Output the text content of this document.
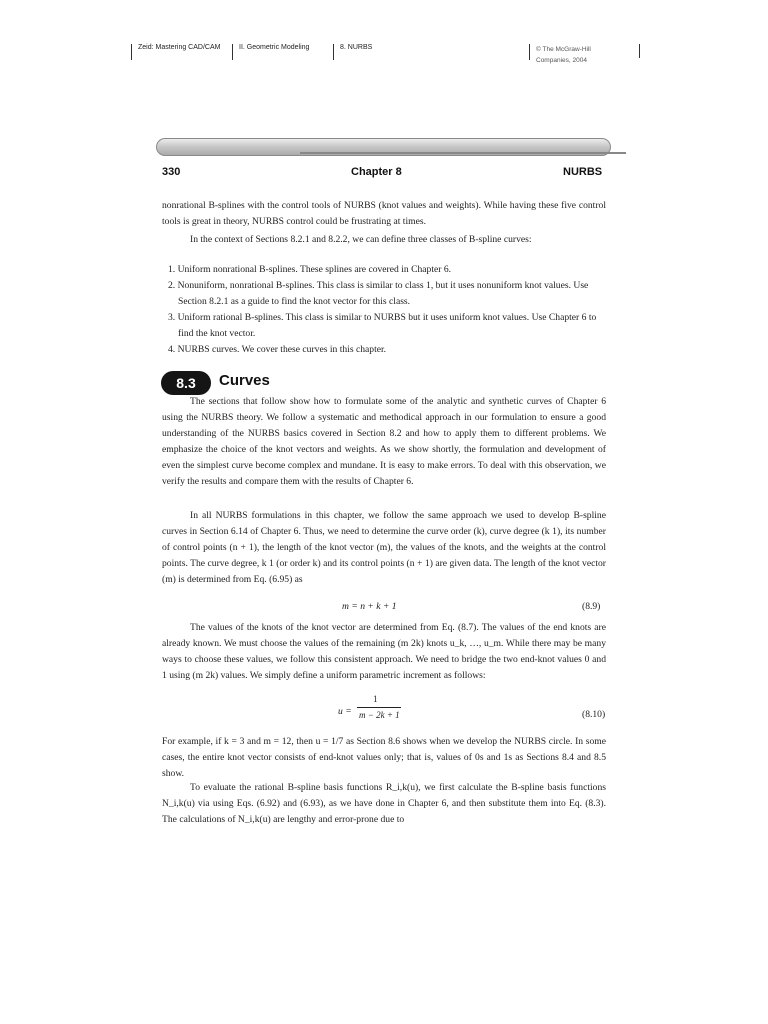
Zeid: Mastering CAD/CAM	II. Geometric Modeling	8. NURBS	© The McGraw-Hill
Companies, 2004
330	Chapter 8	NURBS
nonrational B-splines with the control tools of NURBS (knot values and weights). While having these five control tools is great in theory, NURBS control could be frustrating at times.
In the context of Sections 8.2.1 and 8.2.2, we can define three classes of B-spline curves:
1. Uniform nonrational B-splines. These splines are covered in Chapter 6.
2. Nonuniform, nonrational B-splines. This class is similar to class 1, but it uses nonuniform knot values. Use Section 8.2.1 as a guide to find the knot vector for this class.
3. Uniform rational B-splines. This class is similar to NURBS but it uses uniform knot values. Use Chapter 6 to find the knot vector.
4. NURBS curves. We cover these curves in this chapter.
8.3	Curves
The sections that follow show how to formulate some of the analytic and synthetic curves of Chapter 6 using the NURBS theory. We follow a systematic and methodical approach in our formulation to ensure a good understanding of the NURBS basics covered in Section 8.2 and how to apply them to different problems. We emphasize the choice of the knot vectors and weights. As we show shortly, the formulation and development of even the simplest curve become complex and mundane. It is easy to make errors. To deal with this observation, we verify the results and compare them with the results of Chapter 6.
In all NURBS formulations in this chapter, we follow the same approach we used to develop B-spline curves in Section 6.14 of Chapter 6. Thus, we need to determine the curve order (k), curve degree (k 1), its number of control points (n + 1), the length of the knot vector (m), the values of the knots, and the weights at the control points. The curve degree, k 1 (or order k) and its control points (n + 1) are given data. The length of the knot vector (m) is determined from Eq. (6.95) as
m = n + k + 1	(8.9)
The values of the knots of the knot vector are determined from Eq. (8.7). The values of the end knots are already known. We must choose the values of the remaining (m 2k) knots u_k, …, u_m. While there may be many ways to choose these values, we follow this consistent approach. We need to bridge the two end-knot values 0 and 1 using (m 2k) values. We simply define a uniform parametric increment as follows:
u =
1
m − 2k + 1	(8.10)
For example, if k = 3 and m = 12, then u = 1/7 as Section 8.6 shows when we develop the NURBS circle. In some cases, the entire knot vector consists of end-knot values only; that is, values of 0s and 1s as Sections 8.4 and 8.5 show.
To evaluate the rational B-spline basis functions R_i,k(u), we first calculate the B-spline basis functions N_i,k(u) via using Eqs. (6.92) and (6.93), as we have done in Chapter 6, and then substitute them into Eq. (8.3). The calculations of N_i,k(u) are lengthy and error-prone due to
